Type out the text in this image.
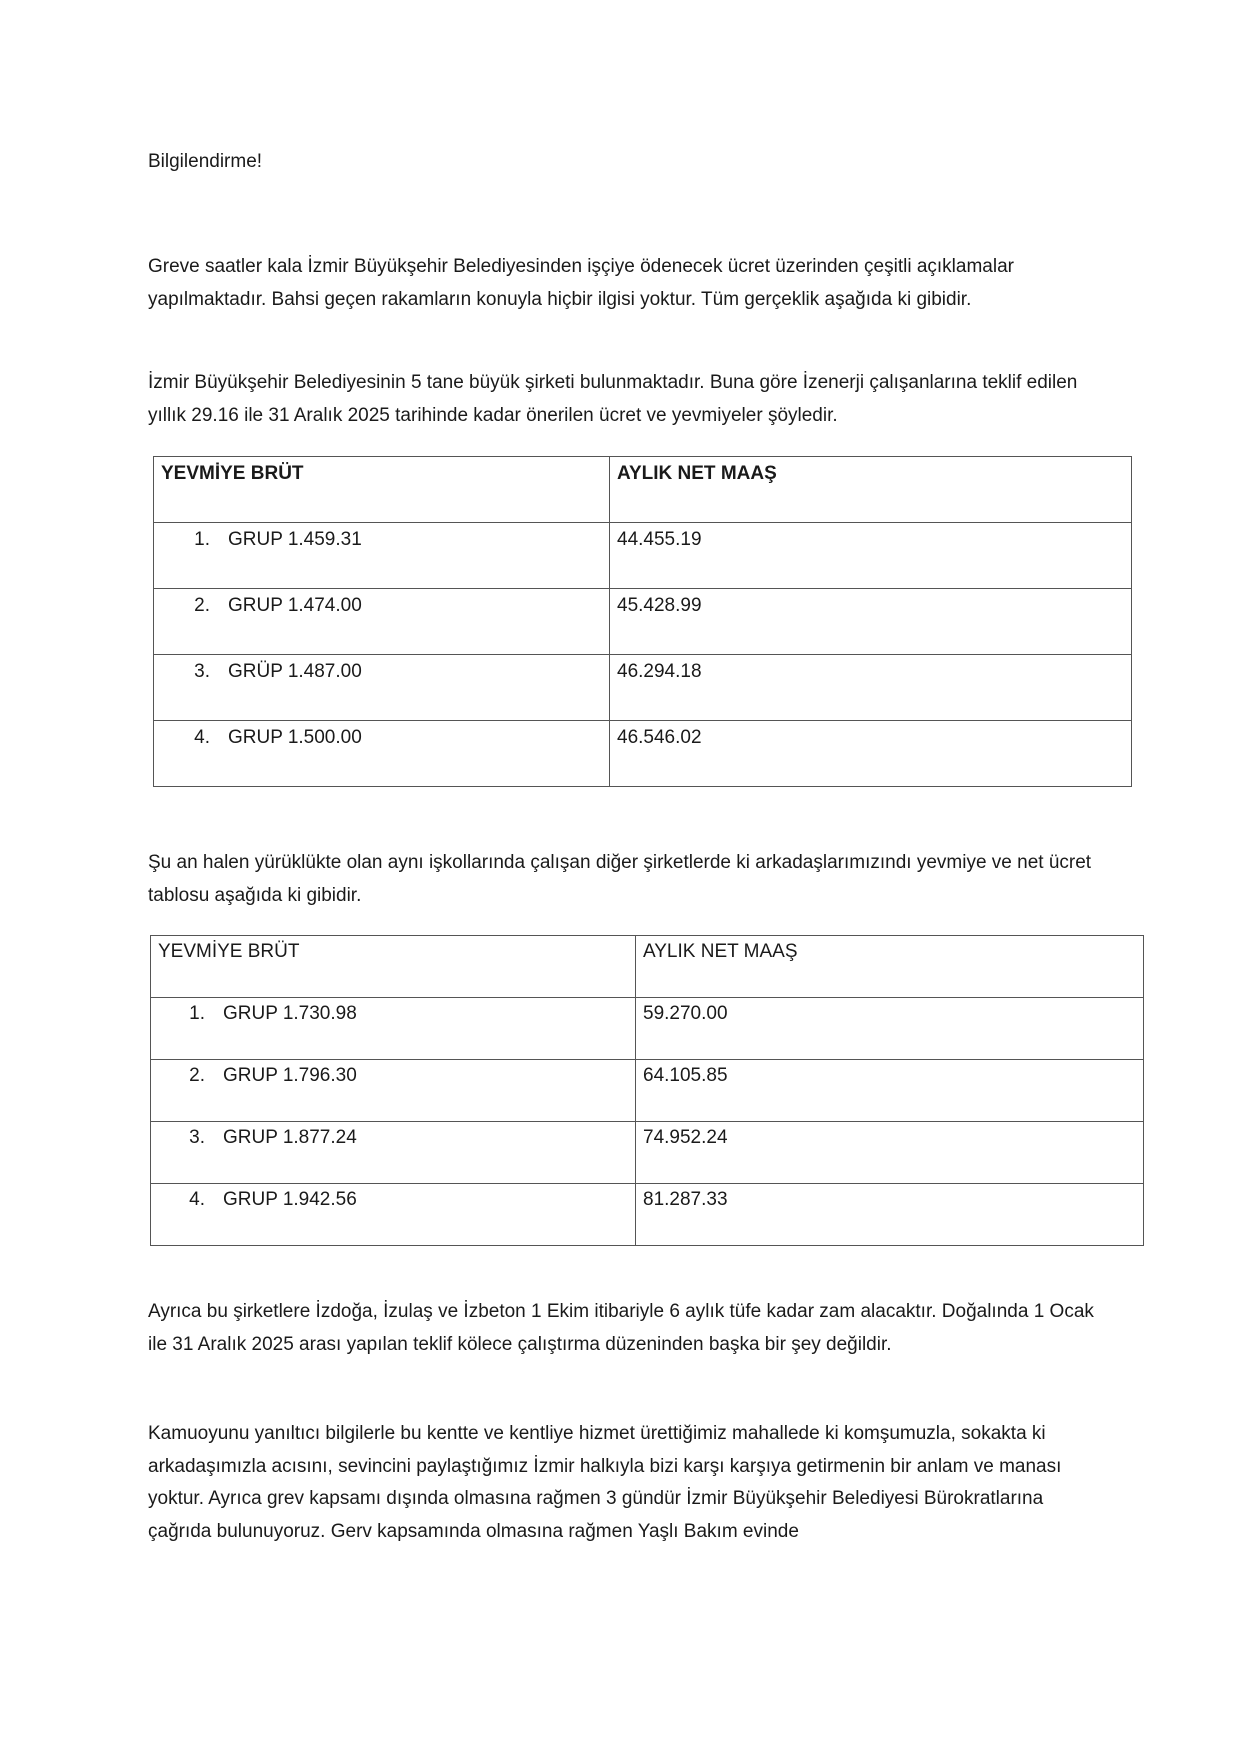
Bilgilendirme!

Greve saatler kala İzmir Büyükşehir Belediyesinden işçiye ödenecek ücret üzerinden çeşitli açıklamalar yapılmaktadır. Bahsi geçen rakamların konuyla hiçbir ilgisi yoktur. Tüm gerçeklik aşağıda ki gibidir.

İzmir Büyükşehir Belediyesinin 5 tane büyük şirketi bulunmaktadır. Buna göre İzenerji çalışanlarına teklif edilen yıllık 29.16 ile 31 Aralık 2025 tarihinde kadar önerilen ücret ve yevmiyeler şöyledir.

YEVMİYE BRÜT	AYLIK NET MAAŞ
1. GRUP 1.459.31	44.455.19
2. GRUP 1.474.00	45.428.99
3. GRÜP 1.487.00	46.294.18
4. GRUP 1.500.00	46.546.02

Şu an halen yürüklükte olan aynı işkollarında çalışan diğer şirketlerde ki arkadaşlarımızındı yevmiye ve net ücret tablosu aşağıda ki gibidir.

YEVMİYE BRÜT	AYLIK NET MAAŞ
1. GRUP 1.730.98	59.270.00
2. GRUP 1.796.30	64.105.85
3. GRUP 1.877.24	74.952.24
4. GRUP 1.942.56	81.287.33

Ayrıca bu şirketlere İzdoğa, İzulaş ve İzbeton 1 Ekim itibariyle 6 aylık tüfe kadar zam alacaktır. Doğalında 1 Ocak ile 31 Aralık 2025 arası yapılan teklif kölece çalıştırma düzeninden başka bir şey değildir.

Kamuoyunu yanıltıcı bilgilerle bu kentte ve kentliye hizmet ürettiğimiz mahallede ki komşumuzla, sokakta ki arkadaşımızla acısını, sevincini paylaştığımız İzmir halkıyla bizi karşı karşıya getirmenin bir anlam ve manası yoktur. Ayrıca grev kapsamı dışında olmasına rağmen 3 gündür İzmir Büyükşehir Belediyesi Bürokratlarına çağrıda bulunuyoruz. Gerv kapsamında olmasına rağmen Yaşlı Bakım evinde
